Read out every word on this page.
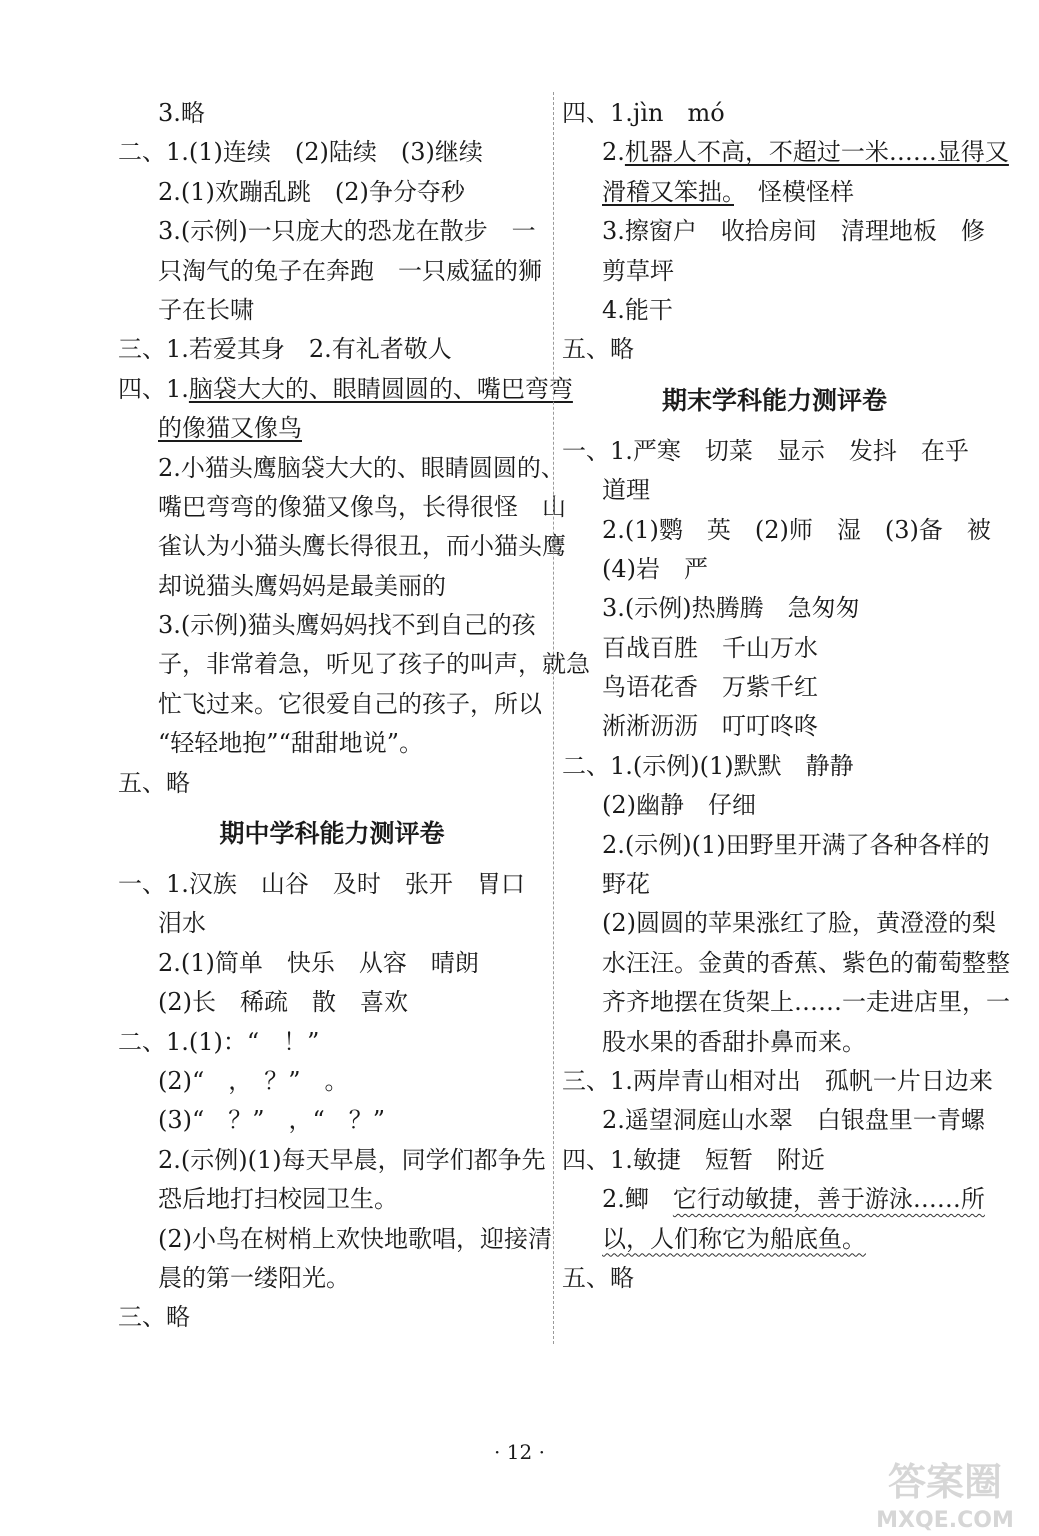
3.略
二、1.(1)连续　(2)陆续　(3)继续
2.(1)欢蹦乱跳　(2)争分夺秒
3.(示例)一只庞大的恐龙在散步　一
只淘气的兔子在奔跑　一只威猛的狮
子在长啸
三、1.若爱其身　2.有礼者敬人
四、1.脑袋大大的、眼睛圆圆的、嘴巴弯弯
的像猫又像鸟
2.小猫头鹰脑袋大大的、眼睛圆圆的、
嘴巴弯弯的像猫又像鸟，长得很怪　山
雀认为小猫头鹰长得很丑，而小猫头鹰
却说猫头鹰妈妈是最美丽的
3.(示例)猫头鹰妈妈找不到自己的孩
子，非常着急，听见了孩子的叫声，就急
忙飞过来。它很爱自己的孩子，所以
“轻轻地抱”“甜甜地说”。
五、略
期中学科能力测评卷
一、1.汉族　山谷　及时　张开　胃口
泪水
2.(1)简单　快乐　从容　晴朗
(2)长　稀疏　散　喜欢
二、1.(1)：“　！”
(2)“　，　？”　。
(3)“　？”　，“　？”
2.(示例)(1)每天早晨，同学们都争先
恐后地打扫校园卫生。
(2)小鸟在树梢上欢快地歌唱，迎接清
晨的第一缕阳光。
三、略
四、1.jìn　mó
2.机器人不高，不超过一米……显得又
滑稽又笨拙。　怪模怪样
3.擦窗户　收拾房间　清理地板　修
剪草坪
4.能干
五、略
期末学科能力测评卷
一、1.严寒　切菜　显示　发抖　在乎
道理
2.(1)鹦　英　(2)师　湿　(3)备　被
(4)岩　严
3.(示例)热腾腾　急匆匆
百战百胜　千山万水
鸟语花香　万紫千红
淅淅沥沥　叮叮咚咚
二、1.(示例)(1)默默　静静
(2)幽静　仔细
2.(示例)(1)田野里开满了各种各样的
野花
(2)圆圆的苹果涨红了脸，黄澄澄的梨
水汪汪。金黄的香蕉、紫色的葡萄整整
齐齐地摆在货架上……一走进店里，一
股水果的香甜扑鼻而来。
三、1.两岸青山相对出　孤帆一片日边来
2.遥望洞庭山水翠　白银盘里一青螺
四、1.敏捷　短暂　附近
2.鲫　它行动敏捷，善于游泳……所
以，人们称它为船底鱼。
五、略
· 12 ·
答案圈
MXQE.COM
